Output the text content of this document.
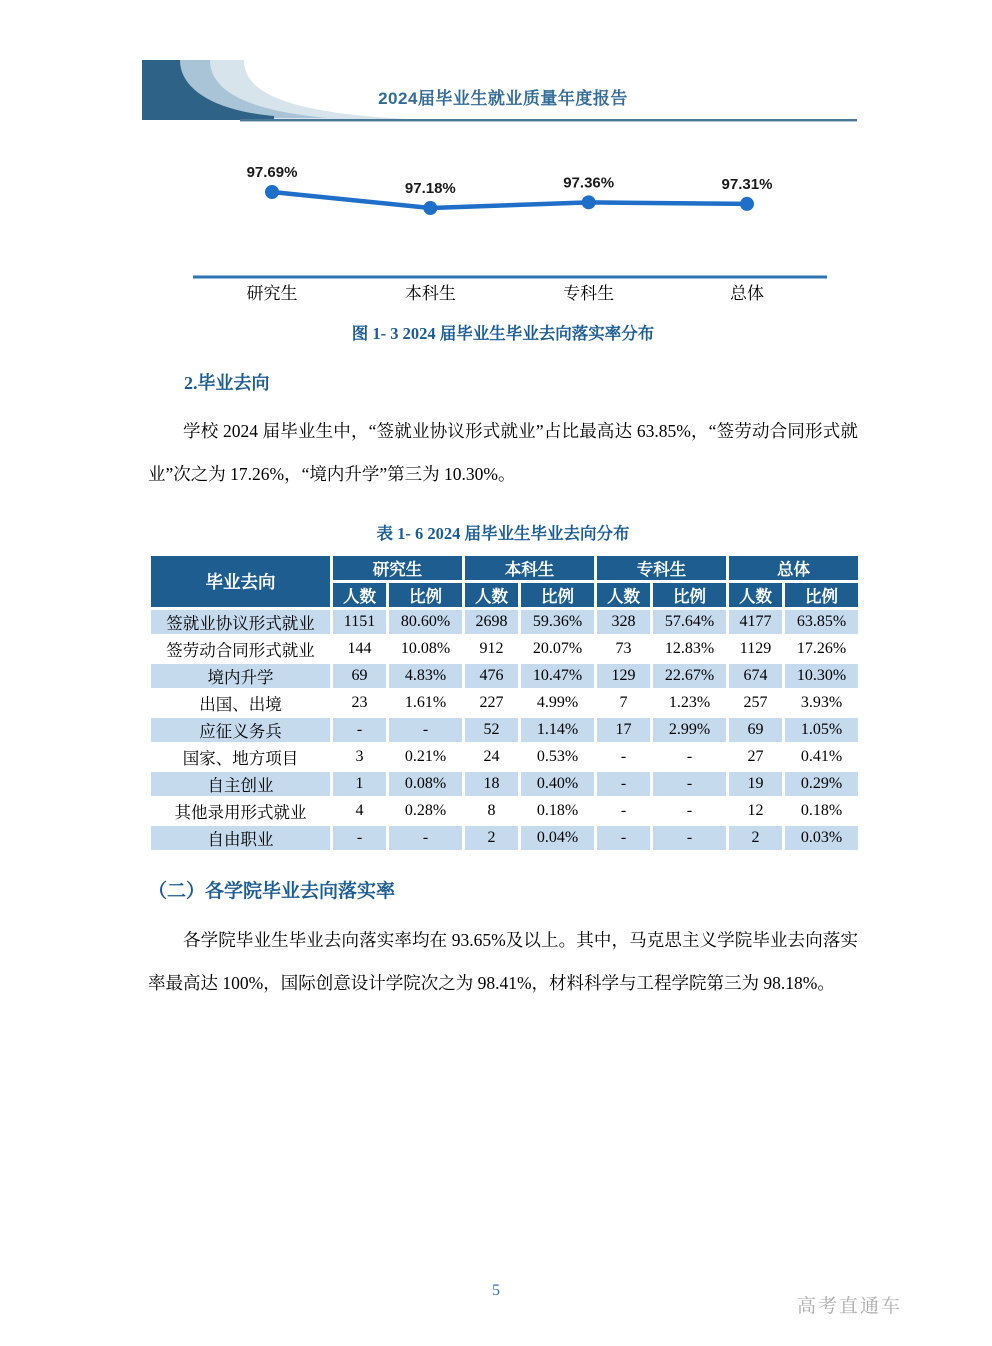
2024届毕业生就业质量年度报告
97.69%
研究生
97.18%
本科生
97.36%
专科生
97.31%
总体
图 1- 3 2024 届毕业生毕业去向落实率分布
2.毕业去向

学校 2024 届毕业生中，“签就业协议形式就业”占比最高达 63.85%，“签劳动合同形式就业”次之为 17.26%，“境内升学”第三为 10.30%。

表 1- 6 2024 届毕业生毕业去向分布
毕业去向	研究生		本科生		专科生		总体	
	人数	比例	人数	比例	人数	比例	人数	比例
签就业协议形式就业	1151	80.60%	2698	59.36%	328	57.64%	4177	63.85%
签劳动合同形式就业	144	10.08%	912	20.07%	73	12.83%	1129	17.26%
境内升学	69	4.83%	476	10.47%	129	22.67%	674	10.30%
出国、出境	23	1.61%	227	4.99%	7	1.23%	257	3.93%
应征义务兵	-	-	52	1.14%	17	2.99%	69	1.05%
国家、地方项目	3	0.21%	24	0.53%	-	-	27	0.41%
自主创业	1	0.08%	18	0.40%	-	-	19	0.29%
其他录用形式就业	4	0.28%	8	0.18%	-	-	12	0.18%
自由职业	-	-	2	0.04%	-	-	2	0.03%
（二）各学院毕业去向落实率

各学院毕业生毕业去向落实率均在 93.65%及以上。其中，马克思主义学院毕业去向落实率最高达 100%，国际创意设计学院次之为 98.41%，材料科学与工程学院第三为 98.18%。

5
高考直通车
